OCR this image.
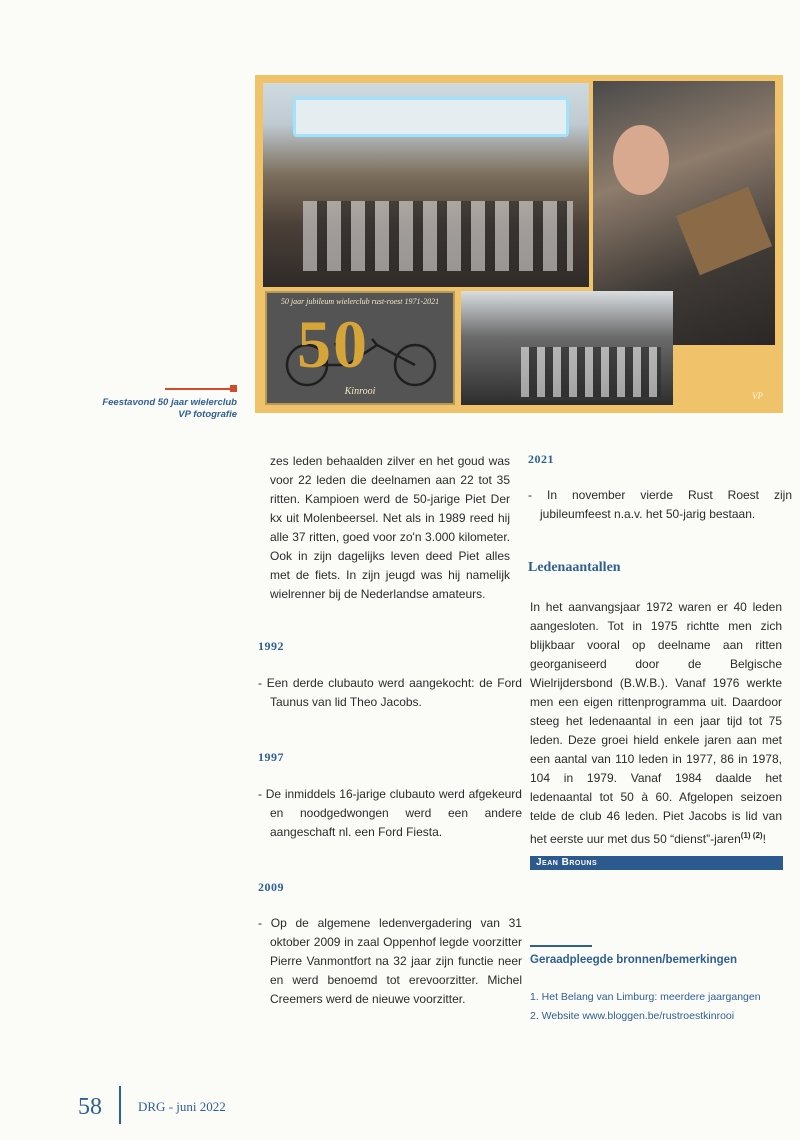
50 jaar jubileum wielerclub rust-roest 1971-2021
50
Kinrooi	VP
Feestavond 50 jaar wielerclub
VP fotografie
zes leden behaalden zilver en het goud was voor 22 leden die deelnamen aan 22 tot 35 ritten. Kampioen werd de 50-jarige Piet Der kx uit Molenbeersel. Net als in 1989 reed hij alle 37 ritten, goed voor zo'n 3.000 kilometer. Ook in zijn dagelijks leven deed Piet alles met de fiets. In zijn jeugd was hij namelijk wielrenner bij de Nederlandse amateurs.
1992
- Een derde clubauto werd aangekocht: de Ford Taunus van lid Theo Jacobs.
1997
- De inmiddels 16-jarige clubauto werd afgekeurd en noodgedwongen werd een andere aangeschaft nl. een Ford Fiesta.
2009
- Op de algemene ledenvergadering van 31 oktober 2009 in zaal Oppenhof legde voorzitter Pierre Vanmontfort na 32 jaar zijn functie neer en werd benoemd tot erevoorzitter. Michel Creemers werd de nieuwe voorzitter.
2021
- In november vierde Rust Roest zijn jubileumfeest n.a.v. het 50-jarig bestaan.
Ledenaantallen
In het aanvangsjaar 1972 waren er 40 leden aangesloten. Tot in 1975 richtte men zich blijkbaar vooral op deelname aan ritten georganiseerd door de Belgische Wielrijdersbond (B.W.B.). Vanaf 1976 werkte men een eigen rittenprogramma uit. Daardoor steeg het ledenaantal in een jaar tijd tot 75 leden. Deze groei hield enkele jaren aan met een aantal van 110 leden in 1977, 86 in 1978, 104 in 1979. Vanaf 1984 daalde het ledenaantal tot 50 à 60. Afgelopen seizoen telde de club 46 leden. Piet Jacobs is lid van het eerste uur met dus 50 “dienst”-jaren$^{(1) (2)}$!
Jean Brouns
Geraadpleegde bronnen/bemerkingen
1. Het Belang van Limburg: meerdere jaargangen
2. Website www.bloggen.be/rustroestkinrooi
58	DRG - juni 2022
